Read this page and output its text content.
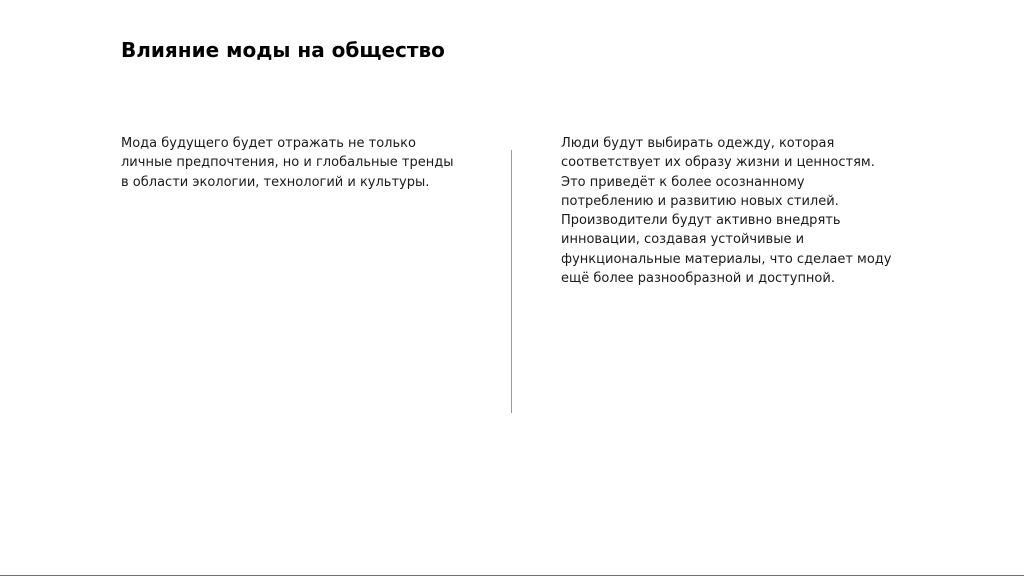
Влияние моды на общество
Мода будущего будет отражать не только
личные предпочтения, но и глобальные тренды
в области экологии, технологий и культуры.
Люди будут выбирать одежду, которая
соответствует их образу жизни и ценностям.
Это приведёт к более осознанному
потреблению и развитию новых стилей.
Производители будут активно внедрять
инновации, создавая устойчивые и
функциональные материалы, что сделает моду
ещё более разнообразной и доступной.
